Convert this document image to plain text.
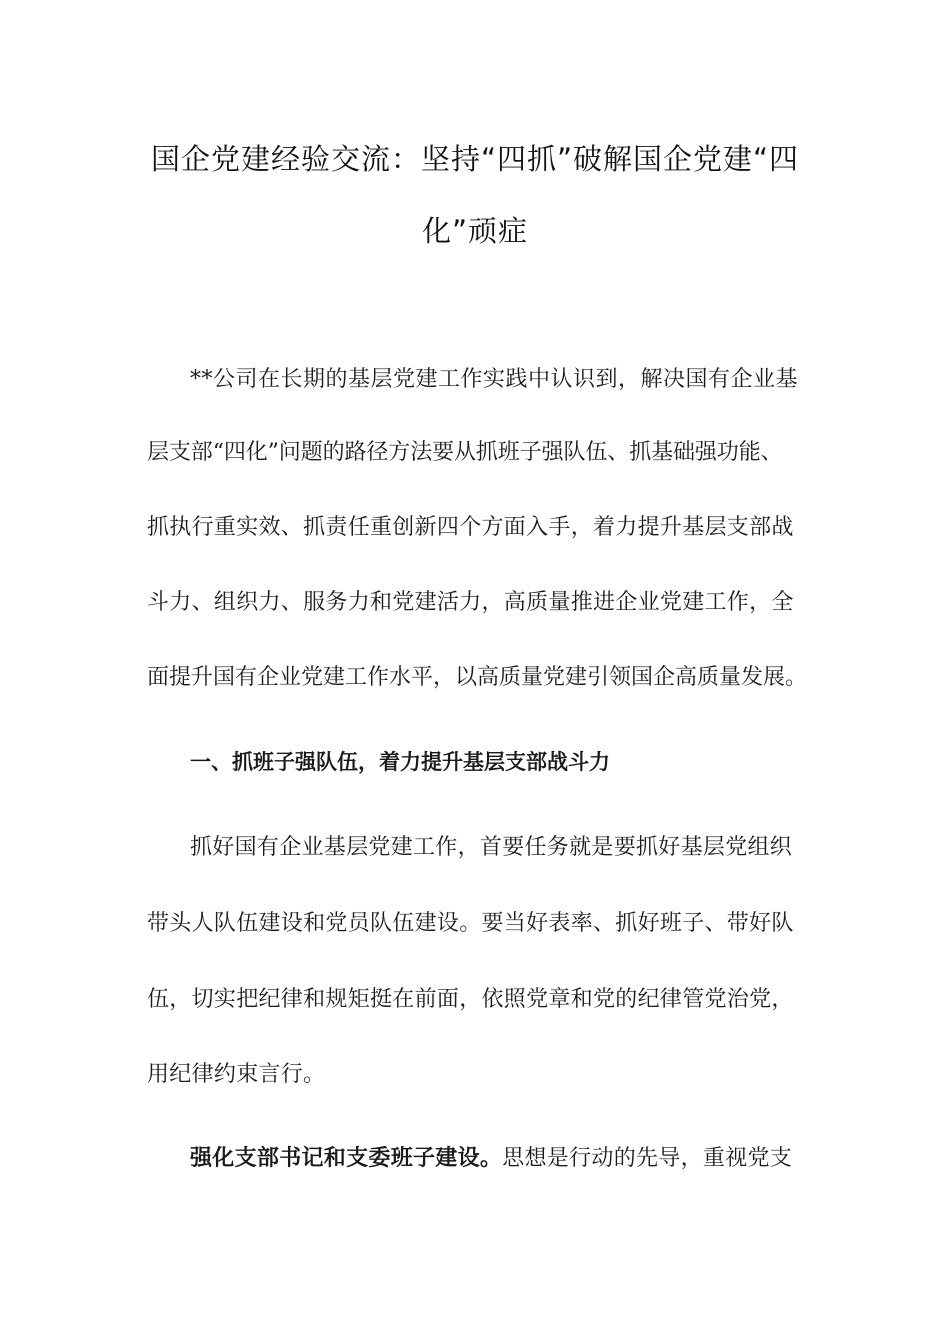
国企党建经验交流：坚持“四抓”破解国企党建“四
化”顽症
**公司在长期的基层党建工作实践中认识到，解决国有企业基
层支部“四化”问题的路径方法要从抓班子强队伍、抓基础强功能、
抓执行重实效、抓责任重创新四个方面入手，着力提升基层支部战
斗力、组织力、服务力和党建活力，高质量推进企业党建工作，全
面提升国有企业党建工作水平，以高质量党建引领国企高质量发展。
一、抓班子强队伍，着力提升基层支部战斗力
抓好国有企业基层党建工作，首要任务就是要抓好基层党组织
带头人队伍建设和党员队伍建设。要当好表率、抓好班子、带好队
伍，切实把纪律和规矩挺在前面，依照党章和党的纪律管党治党，
用纪律约束言行。
强化支部书记和支委班子建设。思想是行动的先导，重视党支
